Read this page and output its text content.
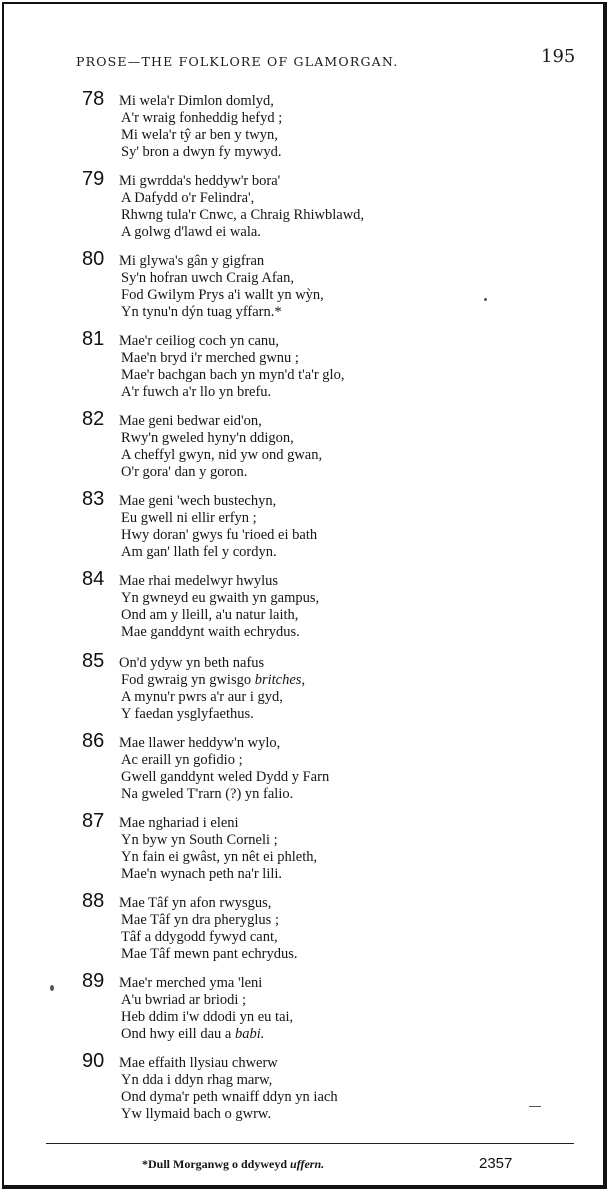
PROSE—THE FOLKLORE OF GLAMORGAN.	195
78 Mi wela'r Dimlon domlyd,
A'r wraig fonheddig hefyd ;
Mi wela'r tŷ ar ben y twyn,
Sy' bron a dwyn fy mywyd.
79 Mi gwrdda's heddyw'r bora'
A Dafydd o'r Felindra',
Rhwng tula'r Cnwc, a Chraig Rhiwblawd,
A golwg d'lawd ei wala.
80 Mi glywa's gân y gigfran
Sy'n hofran uwch Craig Afan,
Fod Gwilym Prys a'i wallt yn wỳn,
Yn tynu'n dýn tuag yffarn.*
81 Mae'r ceiliog coch yn canu,
Mae'n bryd i'r merched gwnu ;
Mae'r bachgan bach yn myn'd t'a'r glo,
A'r fuwch a'r llo yn brefu.
82 Mae geni bedwar eid'on,
Rwy'n gweled hyny'n ddigon,
A cheffyl gwyn, nid yw ond gwan,
O'r gora' dan y goron.
83 Mae geni 'wech bustechyn,
Eu gwell ni ellir erfyn ;
Hwy doran' gwys fu 'rioed ei bath
Am gan' llath fel y cordyn.
84 Mae rhai medelwyr hwylus
Yn gwneyd eu gwaith yn gampus,
Ond am y lleill, a'u natur laith,
Mae ganddynt waith echrydus.
85 On'd ydyw yn beth nafus
Fod gwraig yn gwisgo britches,
A mynu'r pwrs a'r aur i gyd,
Y faedan ysglyfaethus.
86 Mae llawer heddyw'n wylo,
Ac eraill yn gofidio ;
Gwell ganddynt weled Dydd y Farn
Na gweled T'rarn (?) yn falio.
87 Mae nghariad i eleni
Yn byw yn South Corneli ;
Yn fain ei gwâst, yn nêt ei phleth,
Mae'n wynach peth na'r lili.
88 Mae Tâf yn afon rwysgus,
Mae Tâf yn dra pheryglus ;
Tâf a ddygodd fywyd cant,
Mae Tâf mewn pant echrydus.
89 Mae'r merched yma 'leni
A'u bwriad ar briodi ;
Heb ddim i'w ddodi yn eu tai,
Ond hwy eill dau a babi.
90 Mae effaith llysiau chwerw
Yn dda i ddyn rhag marw,
Ond dyma'r peth wnaiff ddyn yn iach
Yw llymaid bach o gwrw.
*Dull Morganwg o ddyweyd uffern.	2357
